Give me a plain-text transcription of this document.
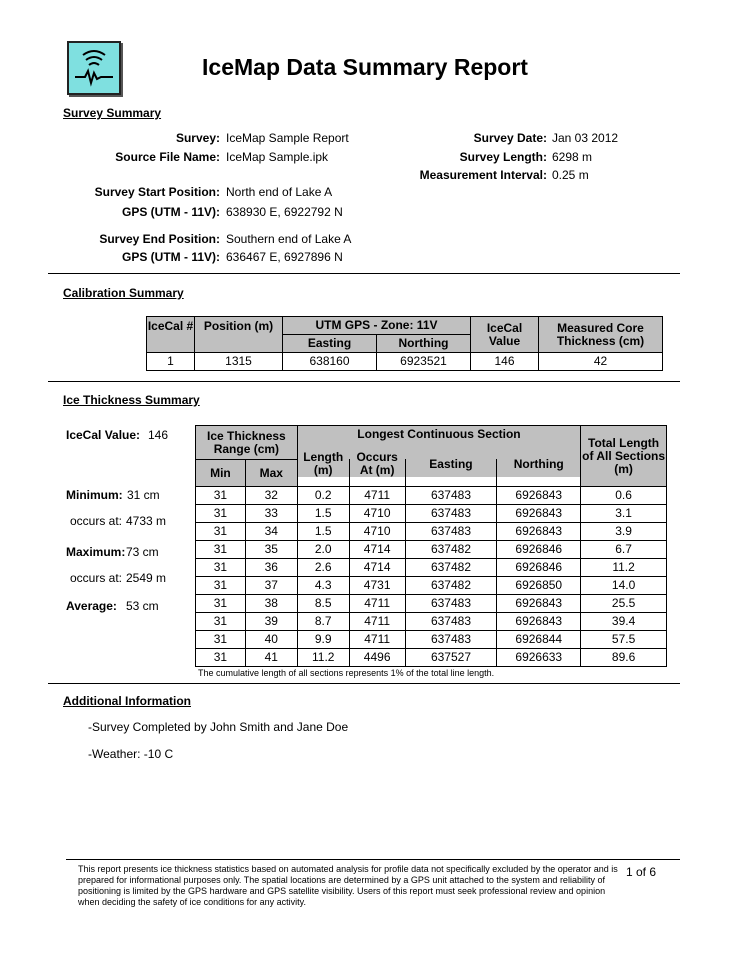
IceMap Data Summary Report
Survey Summary
Survey: IceMap Sample Report
Source File Name: IceMap Sample.ipk
Survey Date: Jan 03 2012
Survey Length: 6298 m
Measurement Interval: 0.25 m
Survey Start Position: North end of Lake A
GPS (UTM - 11V): 638930 E, 6922792 N
Survey End Position: Southern end of Lake A
GPS (UTM - 11V): 636467 E, 6927896 N
Calibration Summary
IceCal #	Position (m)	UTM GPS - Zone: 11V		IceCal Value	Measured Core Thickness (cm)
		Easting	Northing		
1	1315	638160	6923521	146	42
Ice Thickness Summary
IceCal Value: 146
Minimum: 31 cm
occurs at: 4733 m
Maximum: 73 cm
occurs at: 2549 m
Average: 53 cm
Ice Thickness Range (cm)		Longest Continuous Section				Total Length of All Sections (m)
Min	Max	Length (m)	Occurs At (m)	Easting	Northing	
31	32	0.2	4711	637483	6926843	0.6
31	33	1.5	4710	637483	6926843	3.1
31	34	1.5	4710	637483	6926843	3.9
31	35	2.0	4714	637482	6926846	6.7
31	36	2.6	4714	637482	6926846	11.2
31	37	4.3	4731	637482	6926850	14.0
31	38	8.5	4711	637483	6926843	25.5
31	39	8.7	4711	637483	6926843	39.4
31	40	9.9	4711	637483	6926844	57.5
31	41	11.2	4496	637527	6926633	89.6
The cumulative length of all sections represents 1% of the total line length.
Additional Information
-Survey Completed by John Smith and Jane Doe
-Weather: -10 C
This report presents ice thickness statistics based on automated analysis for profile data not specifically excluded by the operator and is prepared for informational purposes only. The spatial locations are determined by a GPS unit attached to the system and reliability of positioning is limited by the GPS hardware and GPS satellite visibility. Users of this report must seek professional review and opinion when deciding the safety of ice conditions for any activity.
1 of 6
